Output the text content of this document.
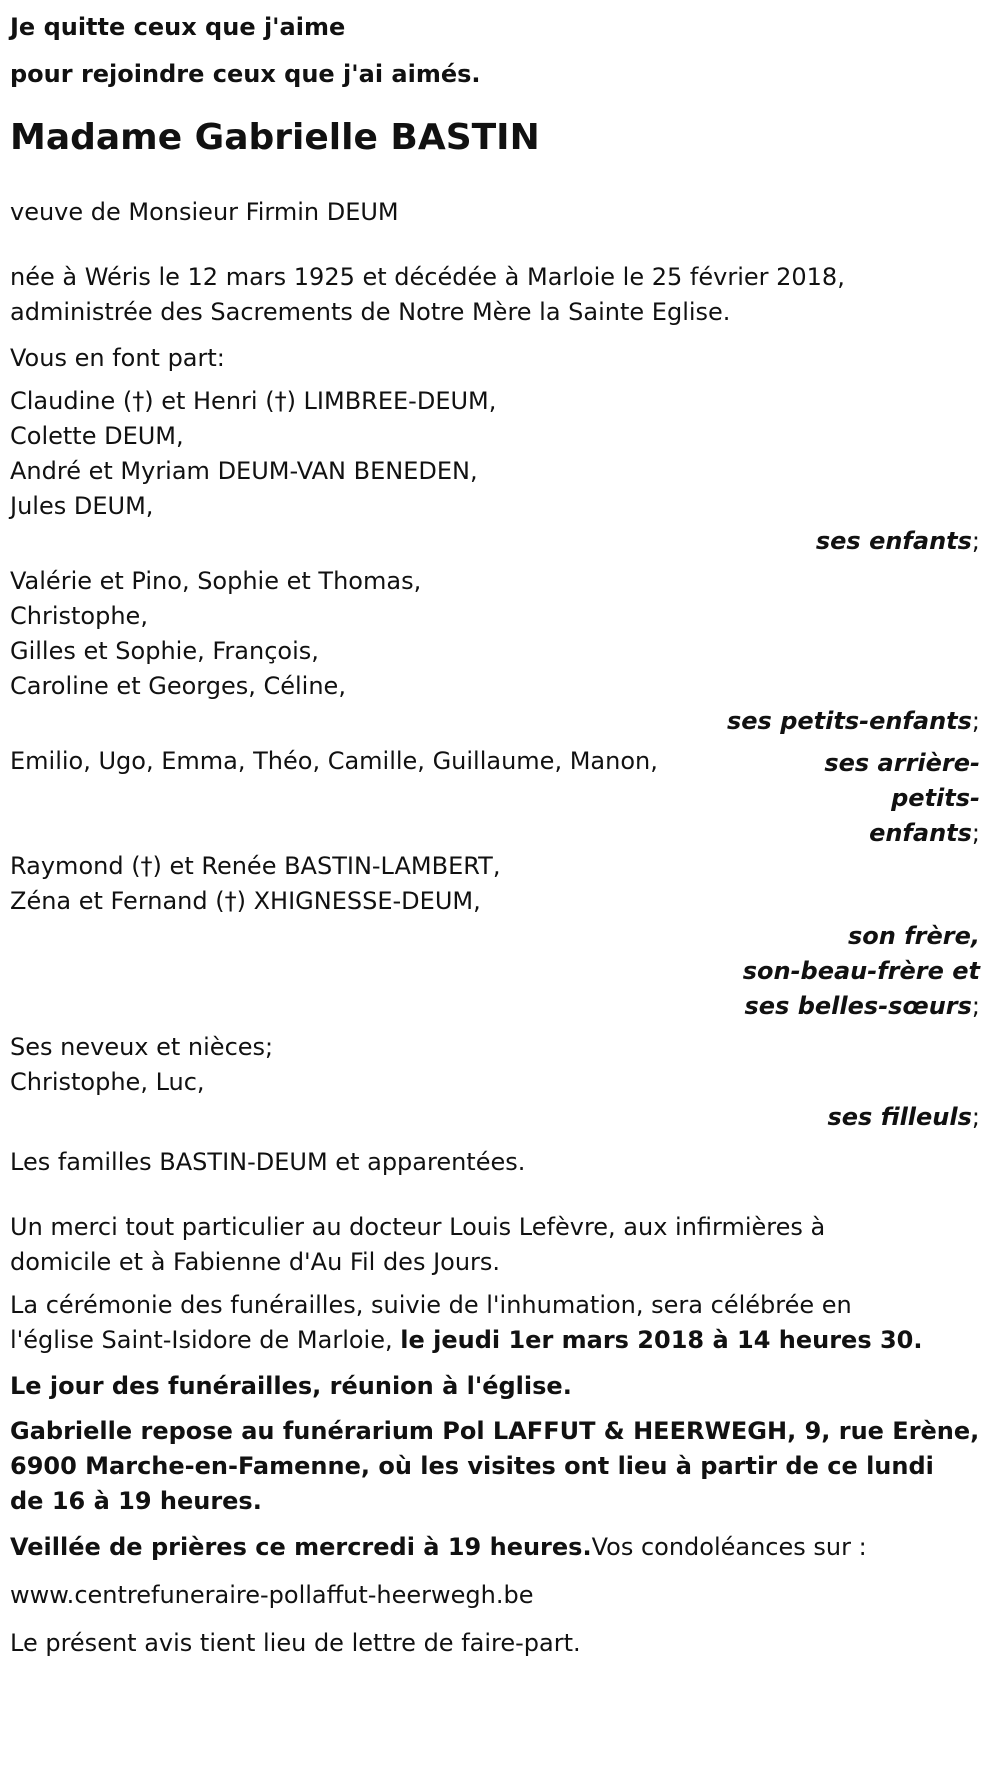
Je quitte ceux que j'aime
pour rejoindre ceux que j'ai aimés.
Madame Gabrielle BASTIN
veuve de Monsieur Firmin DEUM
née à Wéris le 12 mars 1925 et décédée à Marloie le 25 février 2018,
administrée des Sacrements de Notre Mère la Sainte Eglise.
Vous en font part:
Claudine (†) et Henri (†) LIMBREE-DEUM,
Colette DEUM,
André et Myriam DEUM-VAN BENEDEN,
Jules DEUM,
ses enfants;
Valérie et Pino, Sophie et Thomas,
Christophe,
Gilles et Sophie, François,
Caroline et Georges, Céline,
ses petits-enfants;
Emilio, Ugo, Emma, Théo, Camille, Guillaume, Manon,	ses arrière-petits-
enfants;
Raymond (†) et Renée BASTIN-LAMBERT,
Zéna et Fernand (†) XHIGNESSE-DEUM,
son frère,
son-beau-frère et
ses belles-sœurs;
Ses neveux et nièces;
Christophe, Luc,
ses filleuls;
Les familles BASTIN-DEUM et apparentées.
Un merci tout particulier au docteur Louis Lefèvre, aux infirmières à
domicile et à Fabienne d'Au Fil des Jours.
La cérémonie des funérailles, suivie de l'inhumation, sera célébrée en
l'église Saint-Isidore de Marloie, le jeudi 1er mars 2018 à 14 heures 30.
Le jour des funérailles, réunion à l'église.
Gabrielle repose au funérarium Pol LAFFUT & HEERWEGH, 9, rue Erène,
6900 Marche-en-Famenne, où les visites ont lieu à partir de ce lundi
de 16 à 19 heures.
Veillée de prières ce mercredi à 19 heures.Vos condoléances sur :
www.centrefuneraire-pollaffut-heerwegh.be
Le présent avis tient lieu de lettre de faire-part.
